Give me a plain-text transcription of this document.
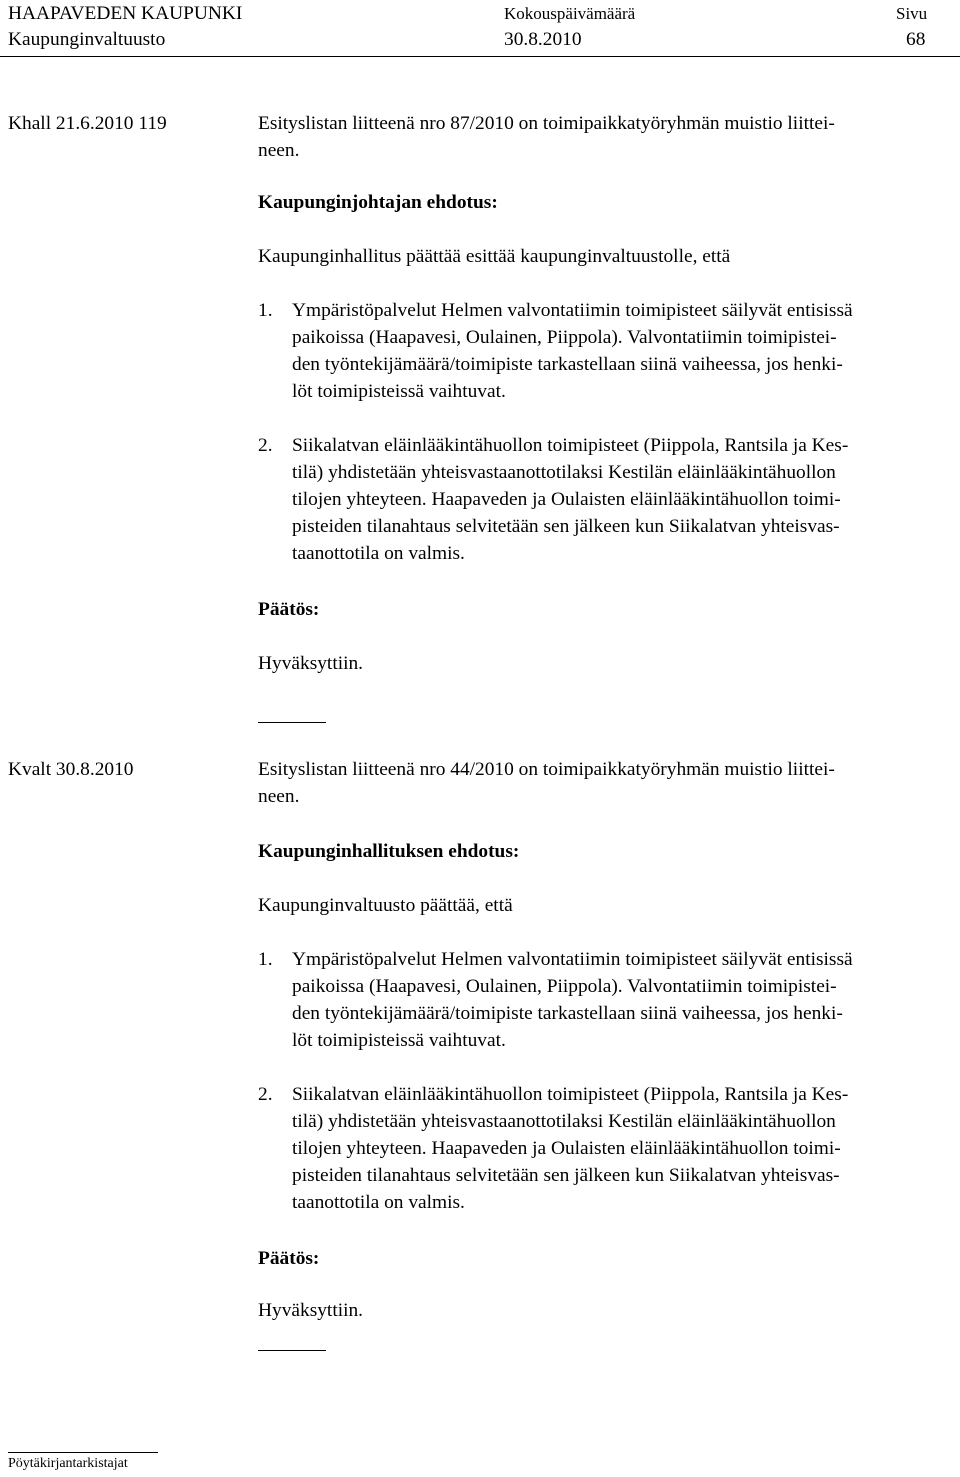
HAAPAVEDEN KAUPUNKI
Kaupunginvaltuusto
Kokouspäivämäärä
30.8.2010
Sivu
68
Khall 21.6.2010 119	Esityslistan liitteenä nro 87/2010 on toimipaikkatyöryhmän muistio liittei-
neen.
Kaupunginjohtajan ehdotus:
Kaupunginhallitus päättää esittää kaupunginvaltuustolle, että
1.	Ympäristöpalvelut Helmen valvontatiimin toimipisteet säilyvät entisissä
paikoissa (Haapavesi, Oulainen, Piippola). Valvontatiimin toimipistei-
den työntekijämäärä/toimipiste tarkastellaan siinä vaiheessa, jos henki-
löt toimipisteissä vaihtuvat.
2.	Siikalatvan eläinlääkintähuollon toimipisteet (Piippola, Rantsila ja Kes-
tilä) yhdistetään yhteisvastaanottotilaksi Kestilän eläinlääkintähuollon
tilojen yhteyteen. Haapaveden ja Oulaisten eläinlääkintähuollon toimi-
pisteiden tilanahtaus selvitetään sen jälkeen kun Siikalatvan yhteisvas-
taanottotila on valmis.
Päätös:
Hyväksyttiin.
Kvalt 30.8.2010	Esityslistan liitteenä nro 44/2010 on toimipaikkatyöryhmän muistio liittei-
neen.
Kaupunginhallituksen ehdotus:
Kaupunginvaltuusto päättää, että
1.	Ympäristöpalvelut Helmen valvontatiimin toimipisteet säilyvät entisissä
paikoissa (Haapavesi, Oulainen, Piippola). Valvontatiimin toimipistei-
den työntekijämäärä/toimipiste tarkastellaan siinä vaiheessa, jos henki-
löt toimipisteissä vaihtuvat.
2.	Siikalatvan eläinlääkintähuollon toimipisteet (Piippola, Rantsila ja Kes-
tilä) yhdistetään yhteisvastaanottotilaksi Kestilän eläinlääkintähuollon
tilojen yhteyteen. Haapaveden ja Oulaisten eläinlääkintähuollon toimi-
pisteiden tilanahtaus selvitetään sen jälkeen kun Siikalatvan yhteisvas-
taanottotila on valmis.
Päätös:
Hyväksyttiin.
Pöytäkirjantarkistajat
